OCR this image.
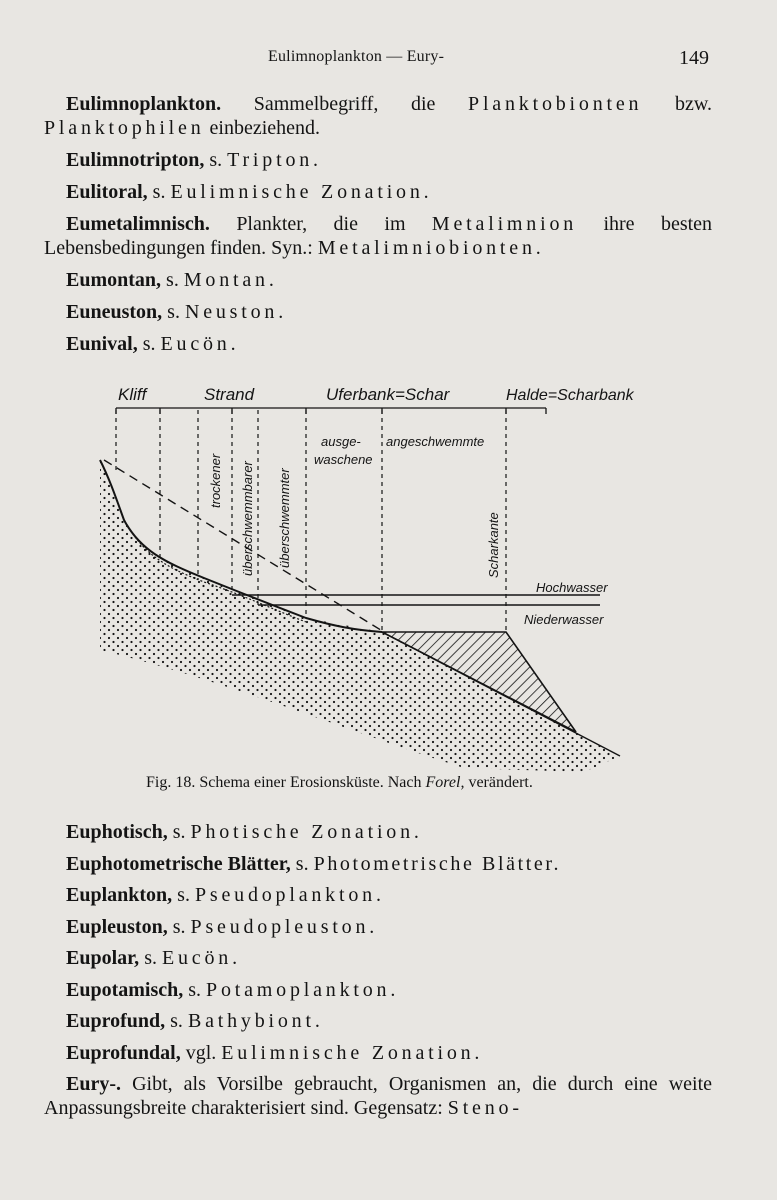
Eulimnoplankton — Eury-	149

Eulimnoplankton. Sammelbegriff, die Planktobionten bzw. Planktophilen einbeziehend.

Eulimnotripton, s. Tripton.

Eulitoral, s. Eulimnische Zonation.

Eumetalimnisch. Plankter, die im Metalimnion ihre besten Lebensbedingungen finden. Syn.: Metalimniobionten.

Eumontan, s. Montan.

Euneuston, s. Neuston.

Eunival, s. Eucön.

Kliff	Strand	Uferbank=Schar	Halde=Scharbank
trockener überschwemmbarer überschwemmter
ausge-
waschene
angeschwemmte
Scharkante
Hochwasser
Niederwasser
Fig. 18. Schema einer Erosionsküste. Nach Forel, verändert.

Euphotisch, s. Photische Zonation.

Euphotometrische Blätter, s. Photometrische Blätter.

Euplankton, s. Pseudoplankton.

Eupleuston, s. Pseudopleuston.

Eupolar, s. Eucön.

Eupotamisch, s. Potamoplankton.

Euprofund, s. Bathybiont.

Euprofundal, vgl. Eulimnische Zonation.

Eury-. Gibt, als Vorsilbe gebraucht, Organismen an, die durch eine weite Anpassungsbreite charakterisiert sind. Gegensatz: Steno-
